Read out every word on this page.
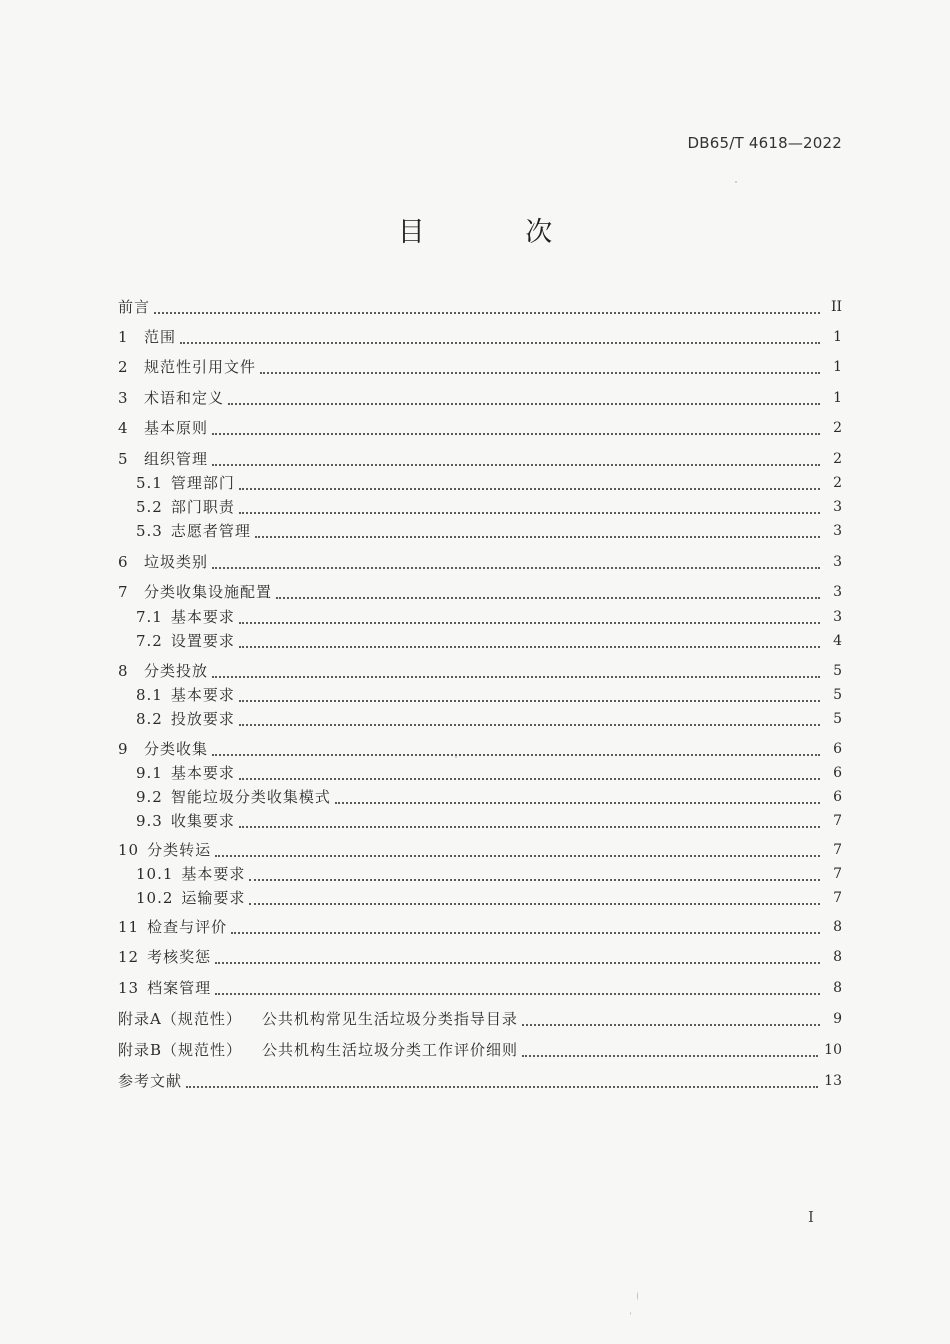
DB65/T 4618—2022
目 次
前言	II
1 范围	1
2 规范性引用文件	1
3 术语和定义	1
4 基本原则	2
5 组织管理	2
5.1 管理部门	2
5.2 部门职责	3
5.3 志愿者管理	3
6 垃圾类别	3
7 分类收集设施配置	3
7.1 基本要求	3
7.2 设置要求	4
8 分类投放	5
8.1 基本要求	5
8.2 投放要求	5
9 分类收集	6
9.1 基本要求	6
9.2 智能垃圾分类收集模式	6
9.3 收集要求	7
10 分类转运	7
10.1 基本要求	7
10.2 运输要求	7
11 检查与评价	8
12 考核奖惩	8
13 档案管理	8
附录A（规范性） 公共机构常见生活垃圾分类指导目录	9
附录B（规范性） 公共机构生活垃圾分类工作评价细则	10
参考文献	13
I
